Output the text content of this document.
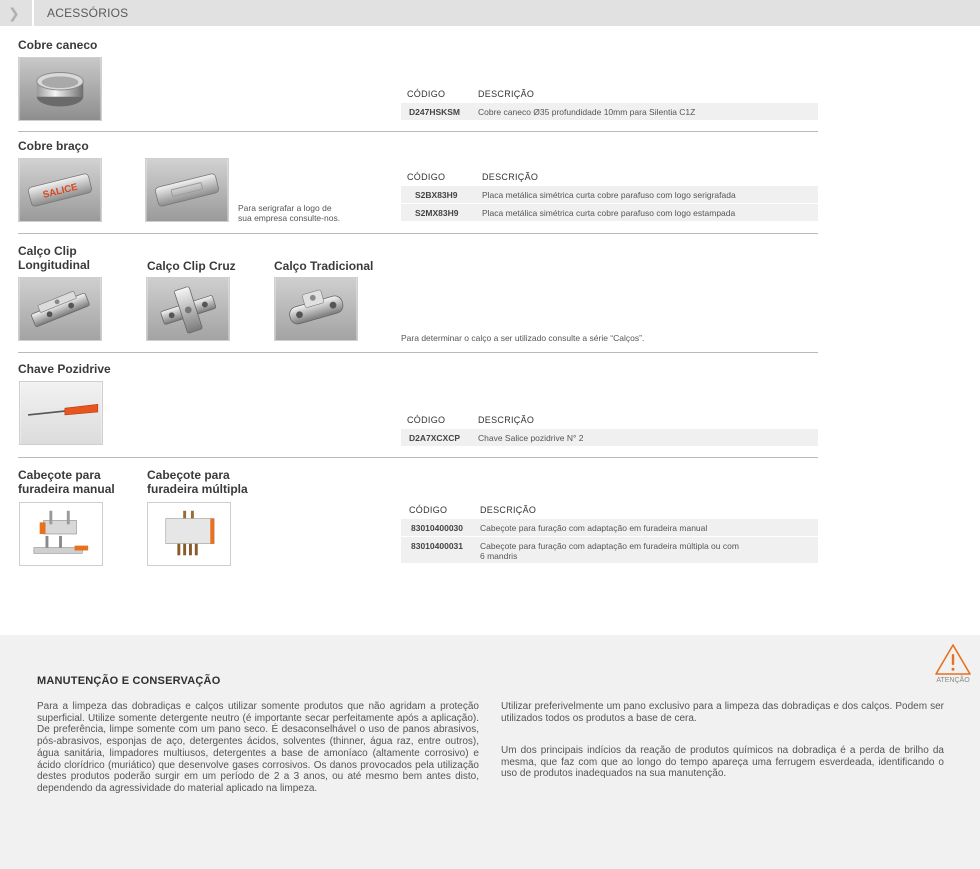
❯ ACESSÓRIOS
Cobre caneco
CÓDIGO	DESCRIÇÃO
D247HSKSM Cobre caneco Ø35 profundidade 10mm para Silentia C1Z
Cobre braço
SALICE
Para serigrafar a logo de
sua empresa consulte-nos.
CÓDIGO	DESCRIÇÃO
S2BX83H9	Placa metálica simétrica curta cobre parafuso com logo serigrafada
S2MX83H9	Placa metálica simétrica curta cobre parafuso com logo estampada
Calço Clip
Longitudinal	Calço Clip Cruz	Calço Tradicional
Para determinar o calço a ser utilizado consulte a série “Calços”.
Chave Pozidrive
CÓDIGO	DESCRIÇÃO
D2A7XCXCP Chave Salice pozidrive N° 2
Cabeçote para
furadeira manual
Cabeçote para
furadeira múltipla
CÓDIGO	DESCRIÇÃO
83010400030 Cabeçote para furação com adaptação em furadeira manual
83010400031 Cabeçote para furação com adaptação em furadeira múltipla ou com
6 mandris
ATENÇÃO
MANUTENÇÃO E CONSERVAÇÃO
Para a limpeza das dobradiças e calços utilizar somente produtos que não agridam a proteção superficial. Utilize somente detergente neutro (é importante secar perfeitamente após a aplicação). De preferência, limpe somente com um pano seco. É desaconselhável o uso de panos abrasivos, pós-abrasivos, esponjas de aço, detergentes ácidos, solventes (thinner, água raz, entre outros), água sanitária, limpadores multiusos, detergentes a base de amoníaco (altamente corrosivo) e ácido clorídrico (muriático) que desenvolve gases corrosivos. Os danos provocados pela utilização destes produtos poderão surgir em um período de 2 a 3 anos, ou até mesmo bem antes disto, dependendo da agressividade do material aplicado na limpeza.
Utilizar preferivelmente um pano exclusivo para a limpeza das dobradiças e dos calços. Podem ser utilizados todos os produtos a base de cera.
Um dos principais indícios da reação de produtos químicos na dobradiça é a perda de brilho da mesma, que faz com que ao longo do tempo apareça uma ferrugem esverdeada, identificando o uso de produtos inadequados na sua manutenção.
